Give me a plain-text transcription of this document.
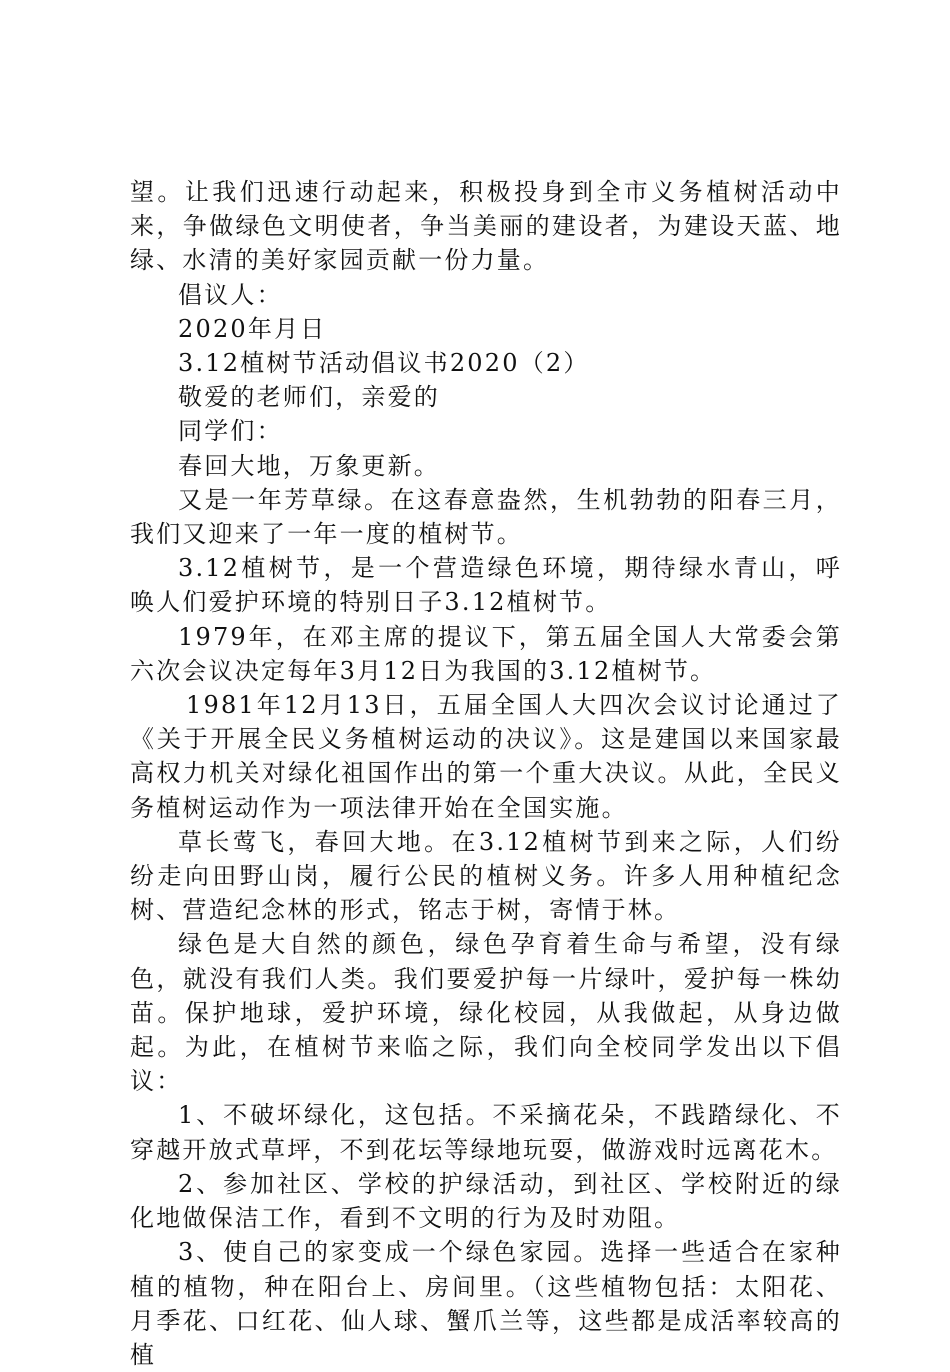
望。让我们迅速行动起来，积极投身到全市义务植树活动中来，争做绿色文明使者，争当美丽的建设者，为建设天蓝、地绿、水清的美好家园贡献一份力量。

倡议人：

2020年月日

3.12植树节活动倡议书2020（2）

敬爱的老师们，亲爱的

同学们：

春回大地，万象更新。

又是一年芳草绿。在这春意盎然，生机勃勃的阳春三月，我们又迎来了一年一度的植树节。

3.12植树节，是一个营造绿色环境，期待绿水青山，呼唤人们爱护环境的特别日子3.12植树节。

1979年，在邓主席的提议下，第五届全国人大常委会第六次会议决定每年3月12日为我国的3.12植树节。

1981年12月13日，五届全国人大四次会议讨论通过了《关于开展全民义务植树运动的决议》。这是建国以来国家最高权力机关对绿化祖国作出的第一个重大决议。从此，全民义务植树运动作为一项法律开始在全国实施。

草长莺飞，春回大地。在3.12植树节到来之际，人们纷纷走向田野山岗，履行公民的植树义务。许多人用种植纪念树、营造纪念林的形式，铭志于树，寄情于林。

绿色是大自然的颜色，绿色孕育着生命与希望，没有绿色，就没有我们人类。我们要爱护每一片绿叶，爱护每一株幼苗。保护地球，爱护环境，绿化校园，从我做起，从身边做起。为此，在植树节来临之际，我们向全校同学发出以下倡议：

1、不破坏绿化，这包括。不采摘花朵，不践踏绿化、不穿越开放式草坪，不到花坛等绿地玩耍，做游戏时远离花木。

2、参加社区、学校的护绿活动，到社区、学校附近的绿化地做保洁工作，看到不文明的行为及时劝阻。

3、使自己的家变成一个绿色家园。选择一些适合在家种植的植物，种在阳台上、房间里。（这些植物包括：太阳花、月季花、口红花、仙人球、蟹爪兰等，这些都是成活率较高的植
